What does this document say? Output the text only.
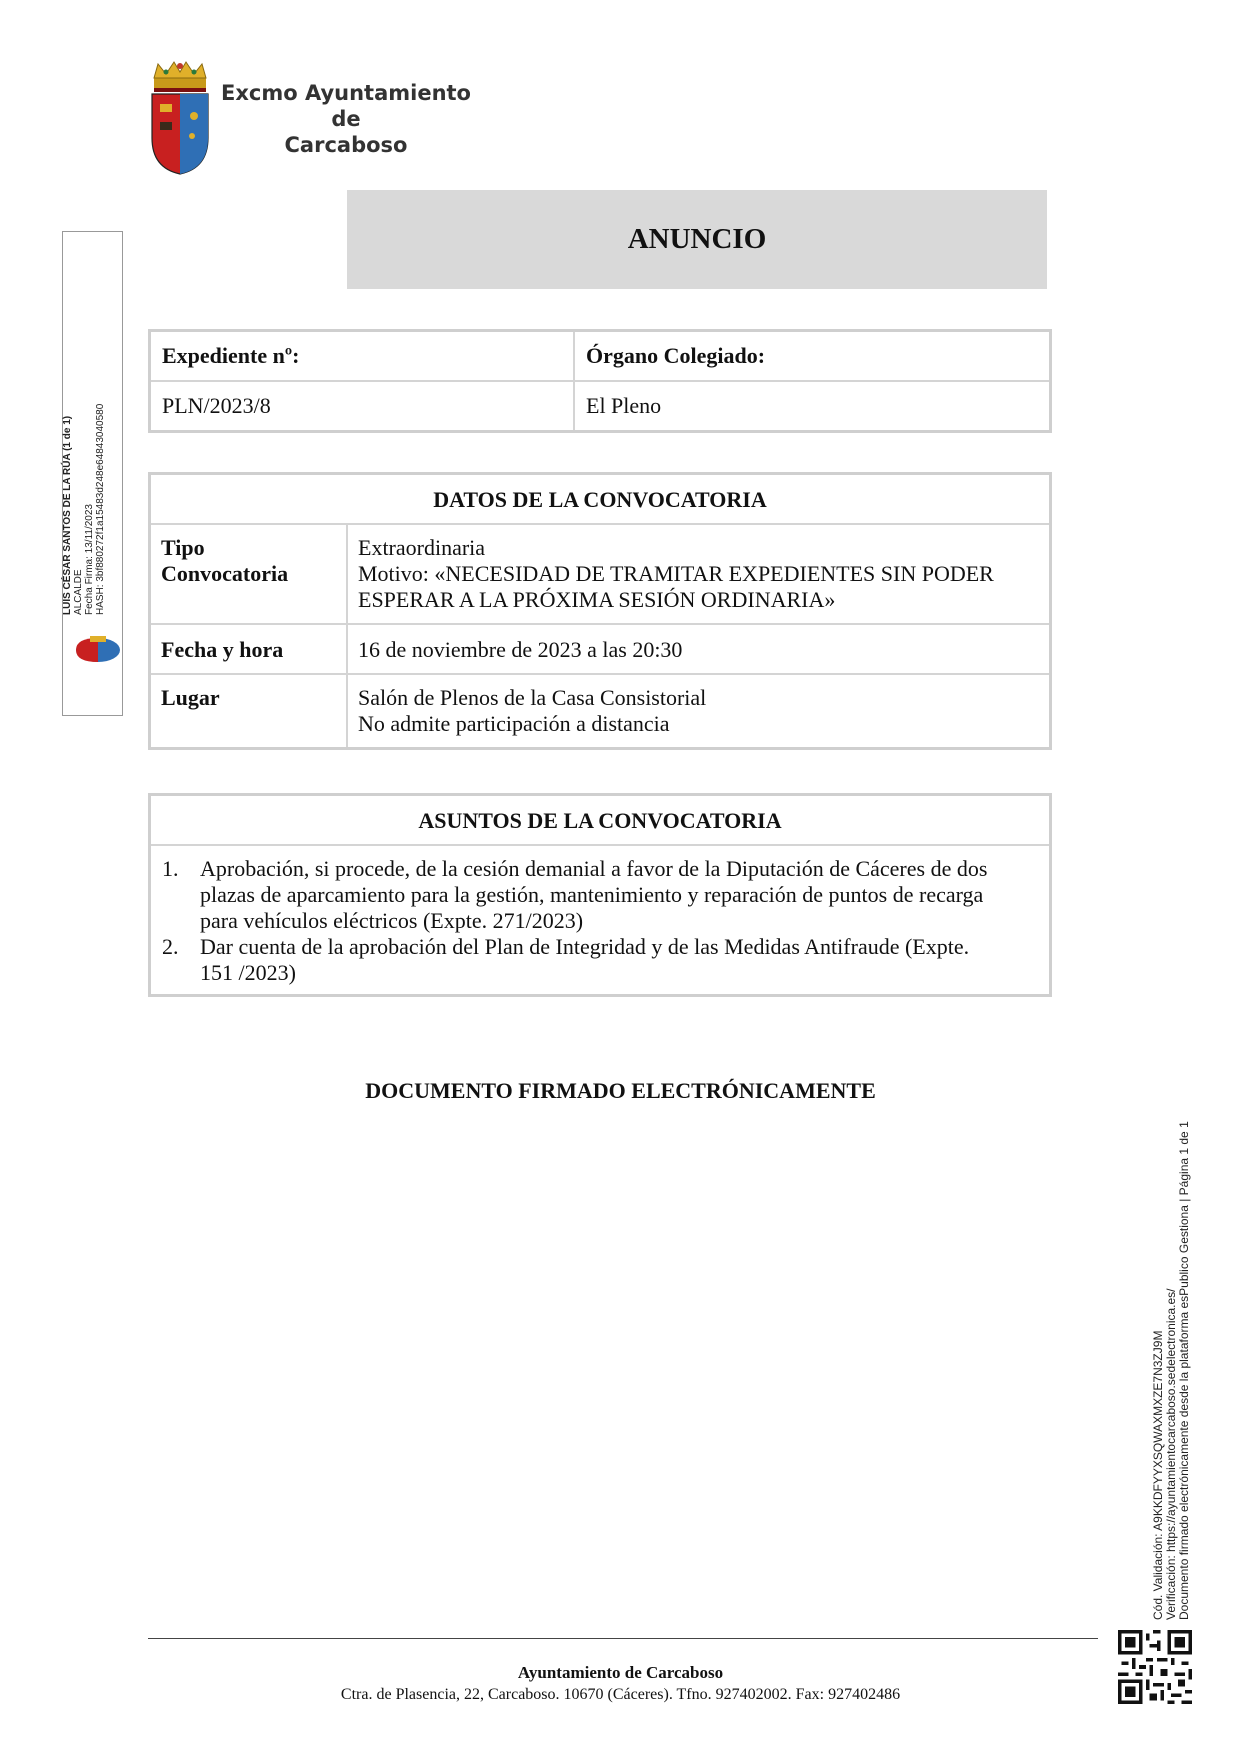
Excmo Ayuntamiento
de
Carcaboso
ANUNCIO
Expediente nº:	Órgano Colegiado:
PLN/2023/8	El Pleno
DATOS DE LA CONVOCATORIA	

Tipo
Convocatoria	Extraordinaria
Motivo: «NECESIDAD DE TRAMITAR EXPEDIENTES SIN PODER
ESPERAR A LA PRÓXIMA SESIÓN ORDINARIA»

Fecha y hora	16 de noviembre de 2023 a las 20:30
Lugar	Salón de Plenos de la Casa Consistorial
No admite participación a distancia
ASUNTOS DE LA CONVOCATORIA

1. Aprobación, si procede, de la cesión demanial a favor de la Diputación de Cáceres de dos
plazas de aparcamiento para la gestión, mantenimiento y reparación de puntos de recarga
para vehículos eléctricos (Expte. 271/2023)
2. Dar cuenta de la aprobación del Plan de Integridad y de las Medidas Antifraude (Expte.
151 /2023)
DOCUMENTO FIRMADO ELECTRÓNICAMENTE
LUIS CÉSAR SANTOS DE LA RÚA (1 de 1) ALCALDE Fecha Firma: 13/11/2023 HASH: 3bf880272f1a15483d248e6484304058​0
Cód. Validación: A9KKDFYYXSQWAXMXZE7N3ZJ9M Verificación: https://ayuntamientocarcaboso.sedelectronica.es/ Documento firmado electrónicamente desde la plataforma esPublico Gestiona | Página 1 de 1
Ayuntamiento de Carcaboso
Ctra. de Plasencia, 22, Carcaboso. 10670 (Cáceres). Tfno. 927402002. Fax: 927402486
